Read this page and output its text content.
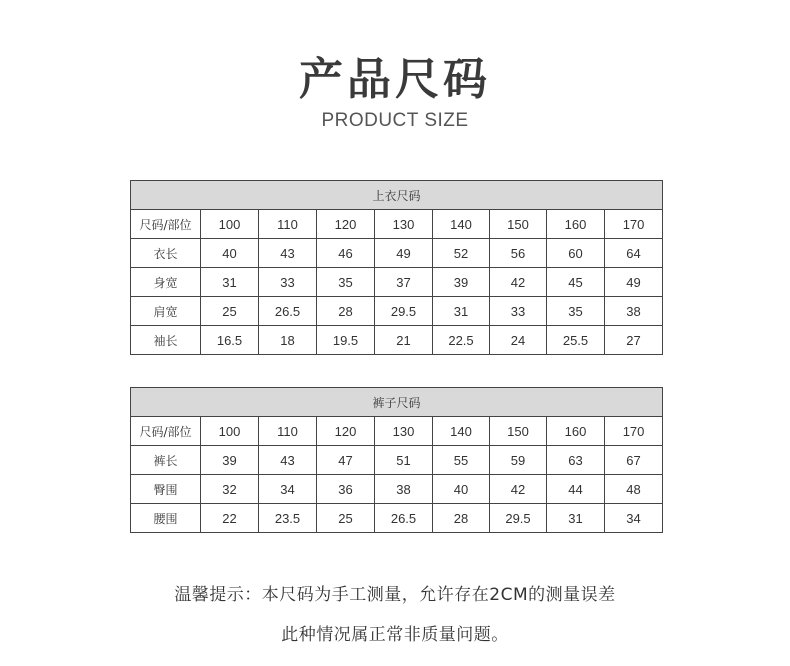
产品尺码
PRODUCT SIZE
上衣尺码								
尺码/部位	100	110	120	130	140	150	160	170
衣长	40	43	46	49	52	56	60	64
身宽	31	33	35	37	39	42	45	49
肩宽	25	26.5	28	29.5	31	33	35	38
袖长	16.5	18	19.5	21	22.5	24	25.5	27
裤子尺码								
尺码/部位	100	110	120	130	140	150	160	170
裤长	39	43	47	51	55	59	63	67
臀围	32	34	36	38	40	42	44	48
腰围	22	23.5	25	26.5	28	29.5	31	34
温馨提示：本尺码为手工测量，允许存在2CM的测量误差
此种情况属正常非质量问题。
